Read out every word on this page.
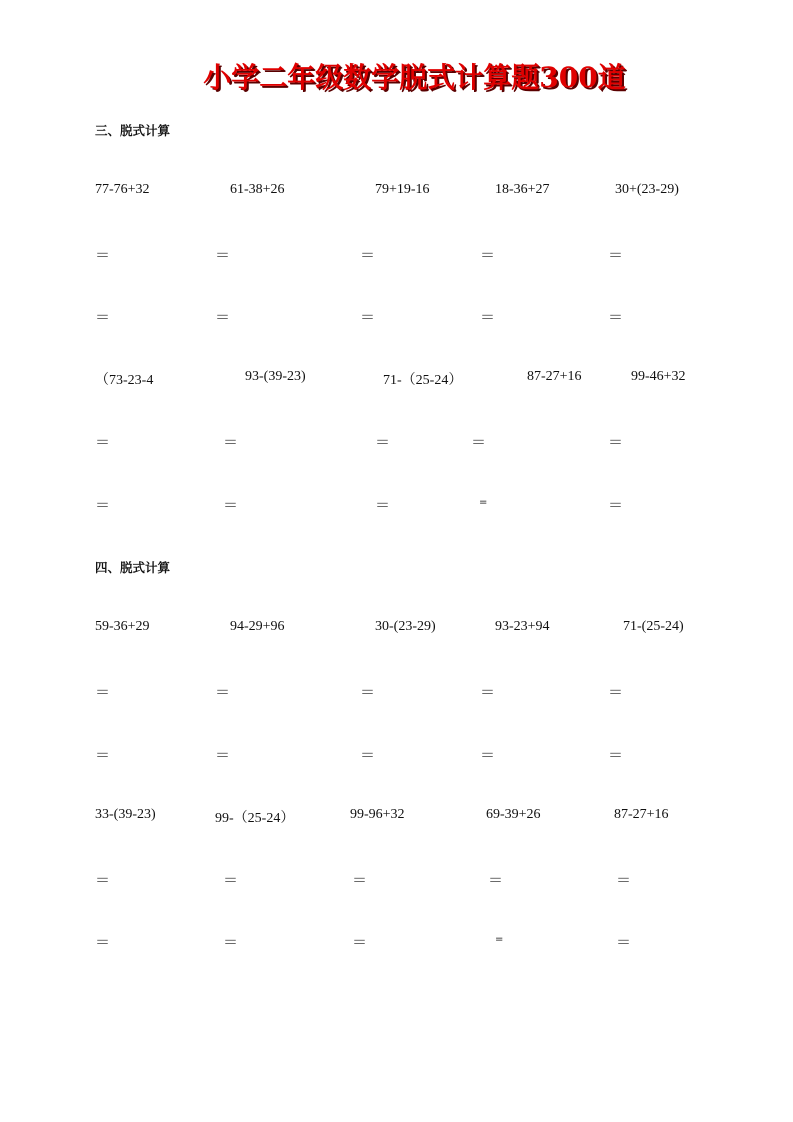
小学二年级数学脱式计算题300道
三、脱式计算
77-76+32	61-38+26	79+19-16	18-36+27	30+(23-29)
＝	＝	＝	＝	＝
＝	＝	＝	＝	＝
（73-23-4	93-(39-23)	71-（25-24）	87-27+16	99-46+32
＝	＝	＝	＝	＝
＝	＝	＝	=	＝
四、脱式计算
59-36+29	94-29+96	30-(23-29)	93-23+94	71-(25-24)
＝	＝	＝	＝	＝
＝	＝	＝	＝	＝
33-(39-23)	99-（25-24）	99-96+32	69-39+26	87-27+16
＝	＝	＝	＝	＝
＝	＝	＝	=	＝
